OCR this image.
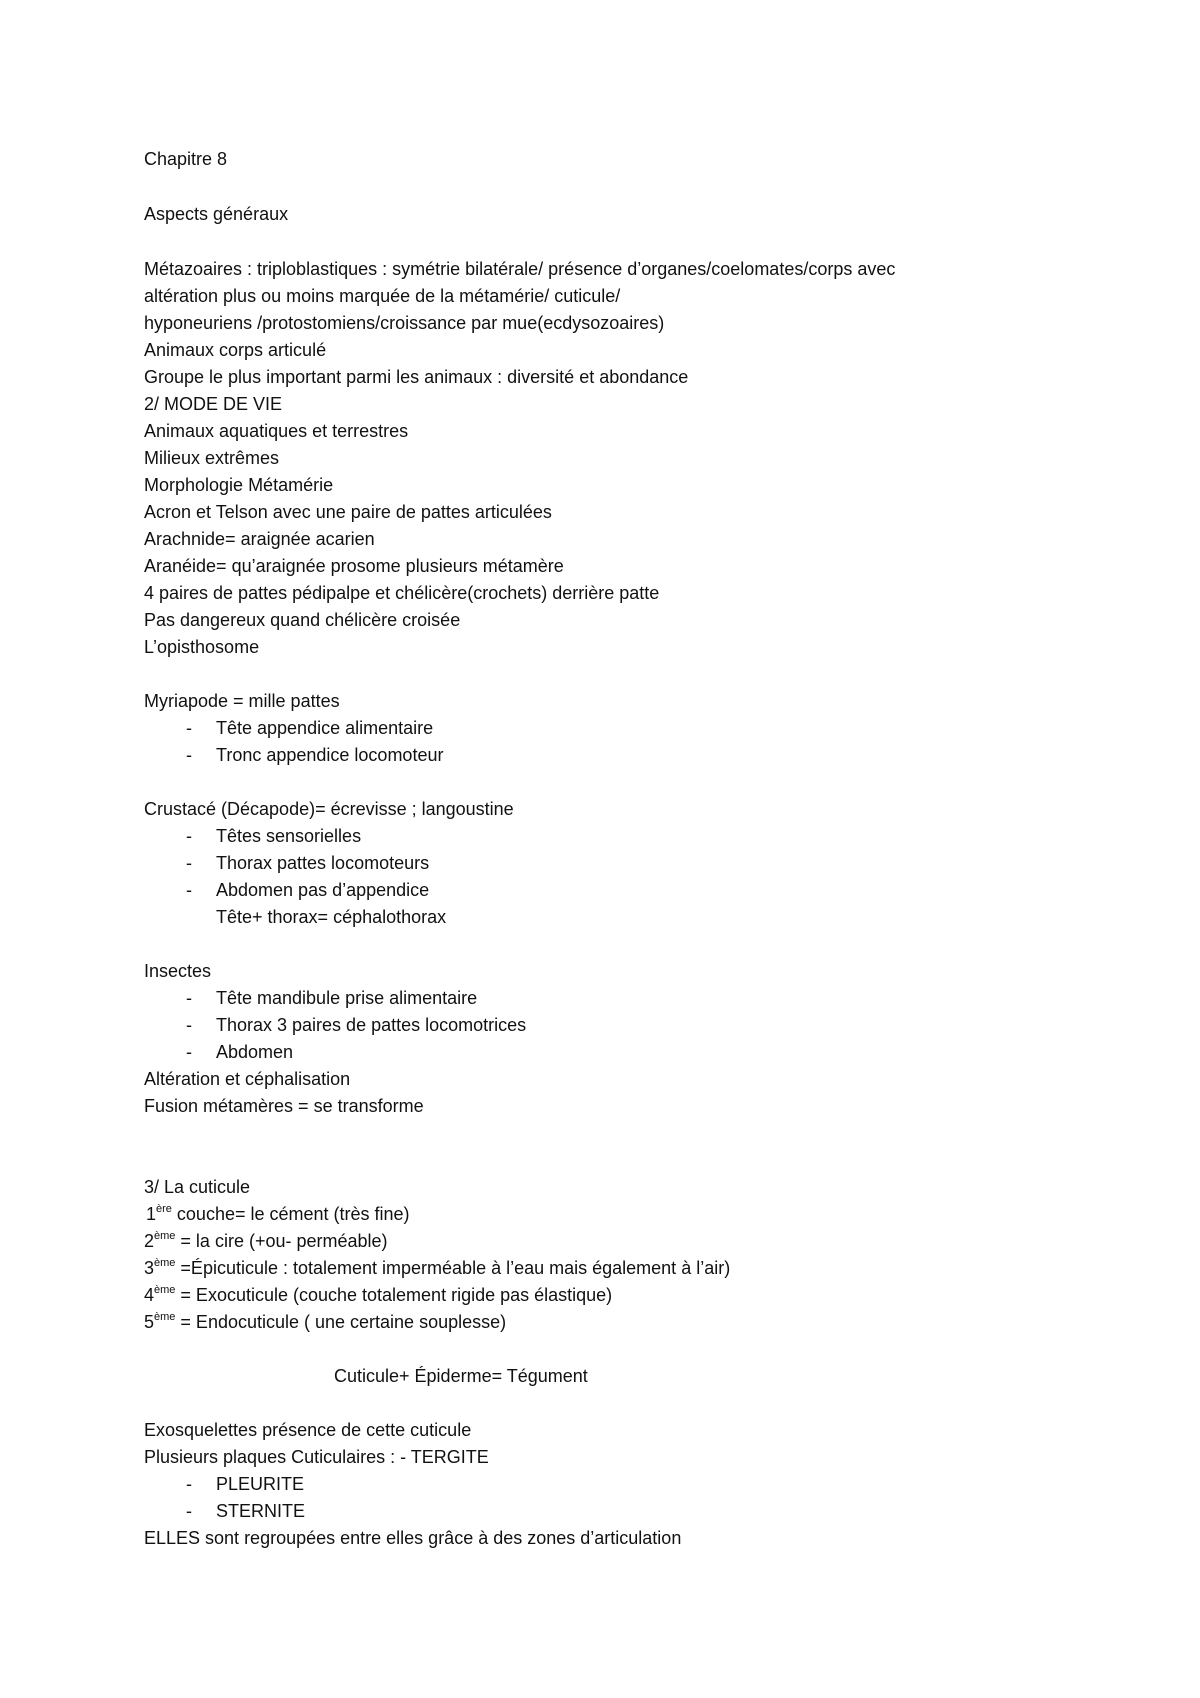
Chapitre 8
Aspects généraux
Métazoaires : triploblastiques : symétrie bilatérale/ présence d’organes/coelomates/corps avec
altération plus ou moins marquée de la métamérie/ cuticule/
hyponeuriens /protostomiens/croissance par mue(ecdysozoaires)
Animaux corps articulé
Groupe le plus important parmi les animaux : diversité et abondance
2/ MODE DE VIE
Animaux aquatiques et terrestres
Milieux extrêmes
Morphologie Métamérie
Acron et Telson avec une paire de pattes articulées
Arachnide= araignée acarien
Aranéide= qu’araignée prosome plusieurs métamère
4 paires de pattes pédipalpe et chélicère(crochets) derrière patte
Pas dangereux quand chélicère croisée
L’opisthosome
Myriapode = mille pattes
- Tête appendice alimentaire
- Tronc appendice locomoteur
Crustacé (Décapode)= écrevisse ; langoustine
- Têtes sensorielles
- Thorax pattes locomoteurs
- Abdomen pas d’appendice
Tête+ thorax= céphalothorax
Insectes
- Tête mandibule prise alimentaire
- Thorax 3 paires de pattes locomotrices
- Abdomen
Altération et céphalisation
Fusion métamères = se transforme
3/ La cuticule
1ère couche= le cément (très fine)
2ème = la cire (+ou- perméable)
3ème =Épicuticule : totalement imperméable à l’eau mais également à l’air)
4ème = Exocuticule (couche totalement rigide pas élastique)
5ème = Endocuticule ( une certaine souplesse)
Cuticule+ Épiderme= Tégument
Exosquelettes présence de cette cuticule
Plusieurs plaques Cuticulaires : - TERGITE
- PLEURITE
- STERNITE
ELLES sont regroupées entre elles grâce à des zones d’articulation
